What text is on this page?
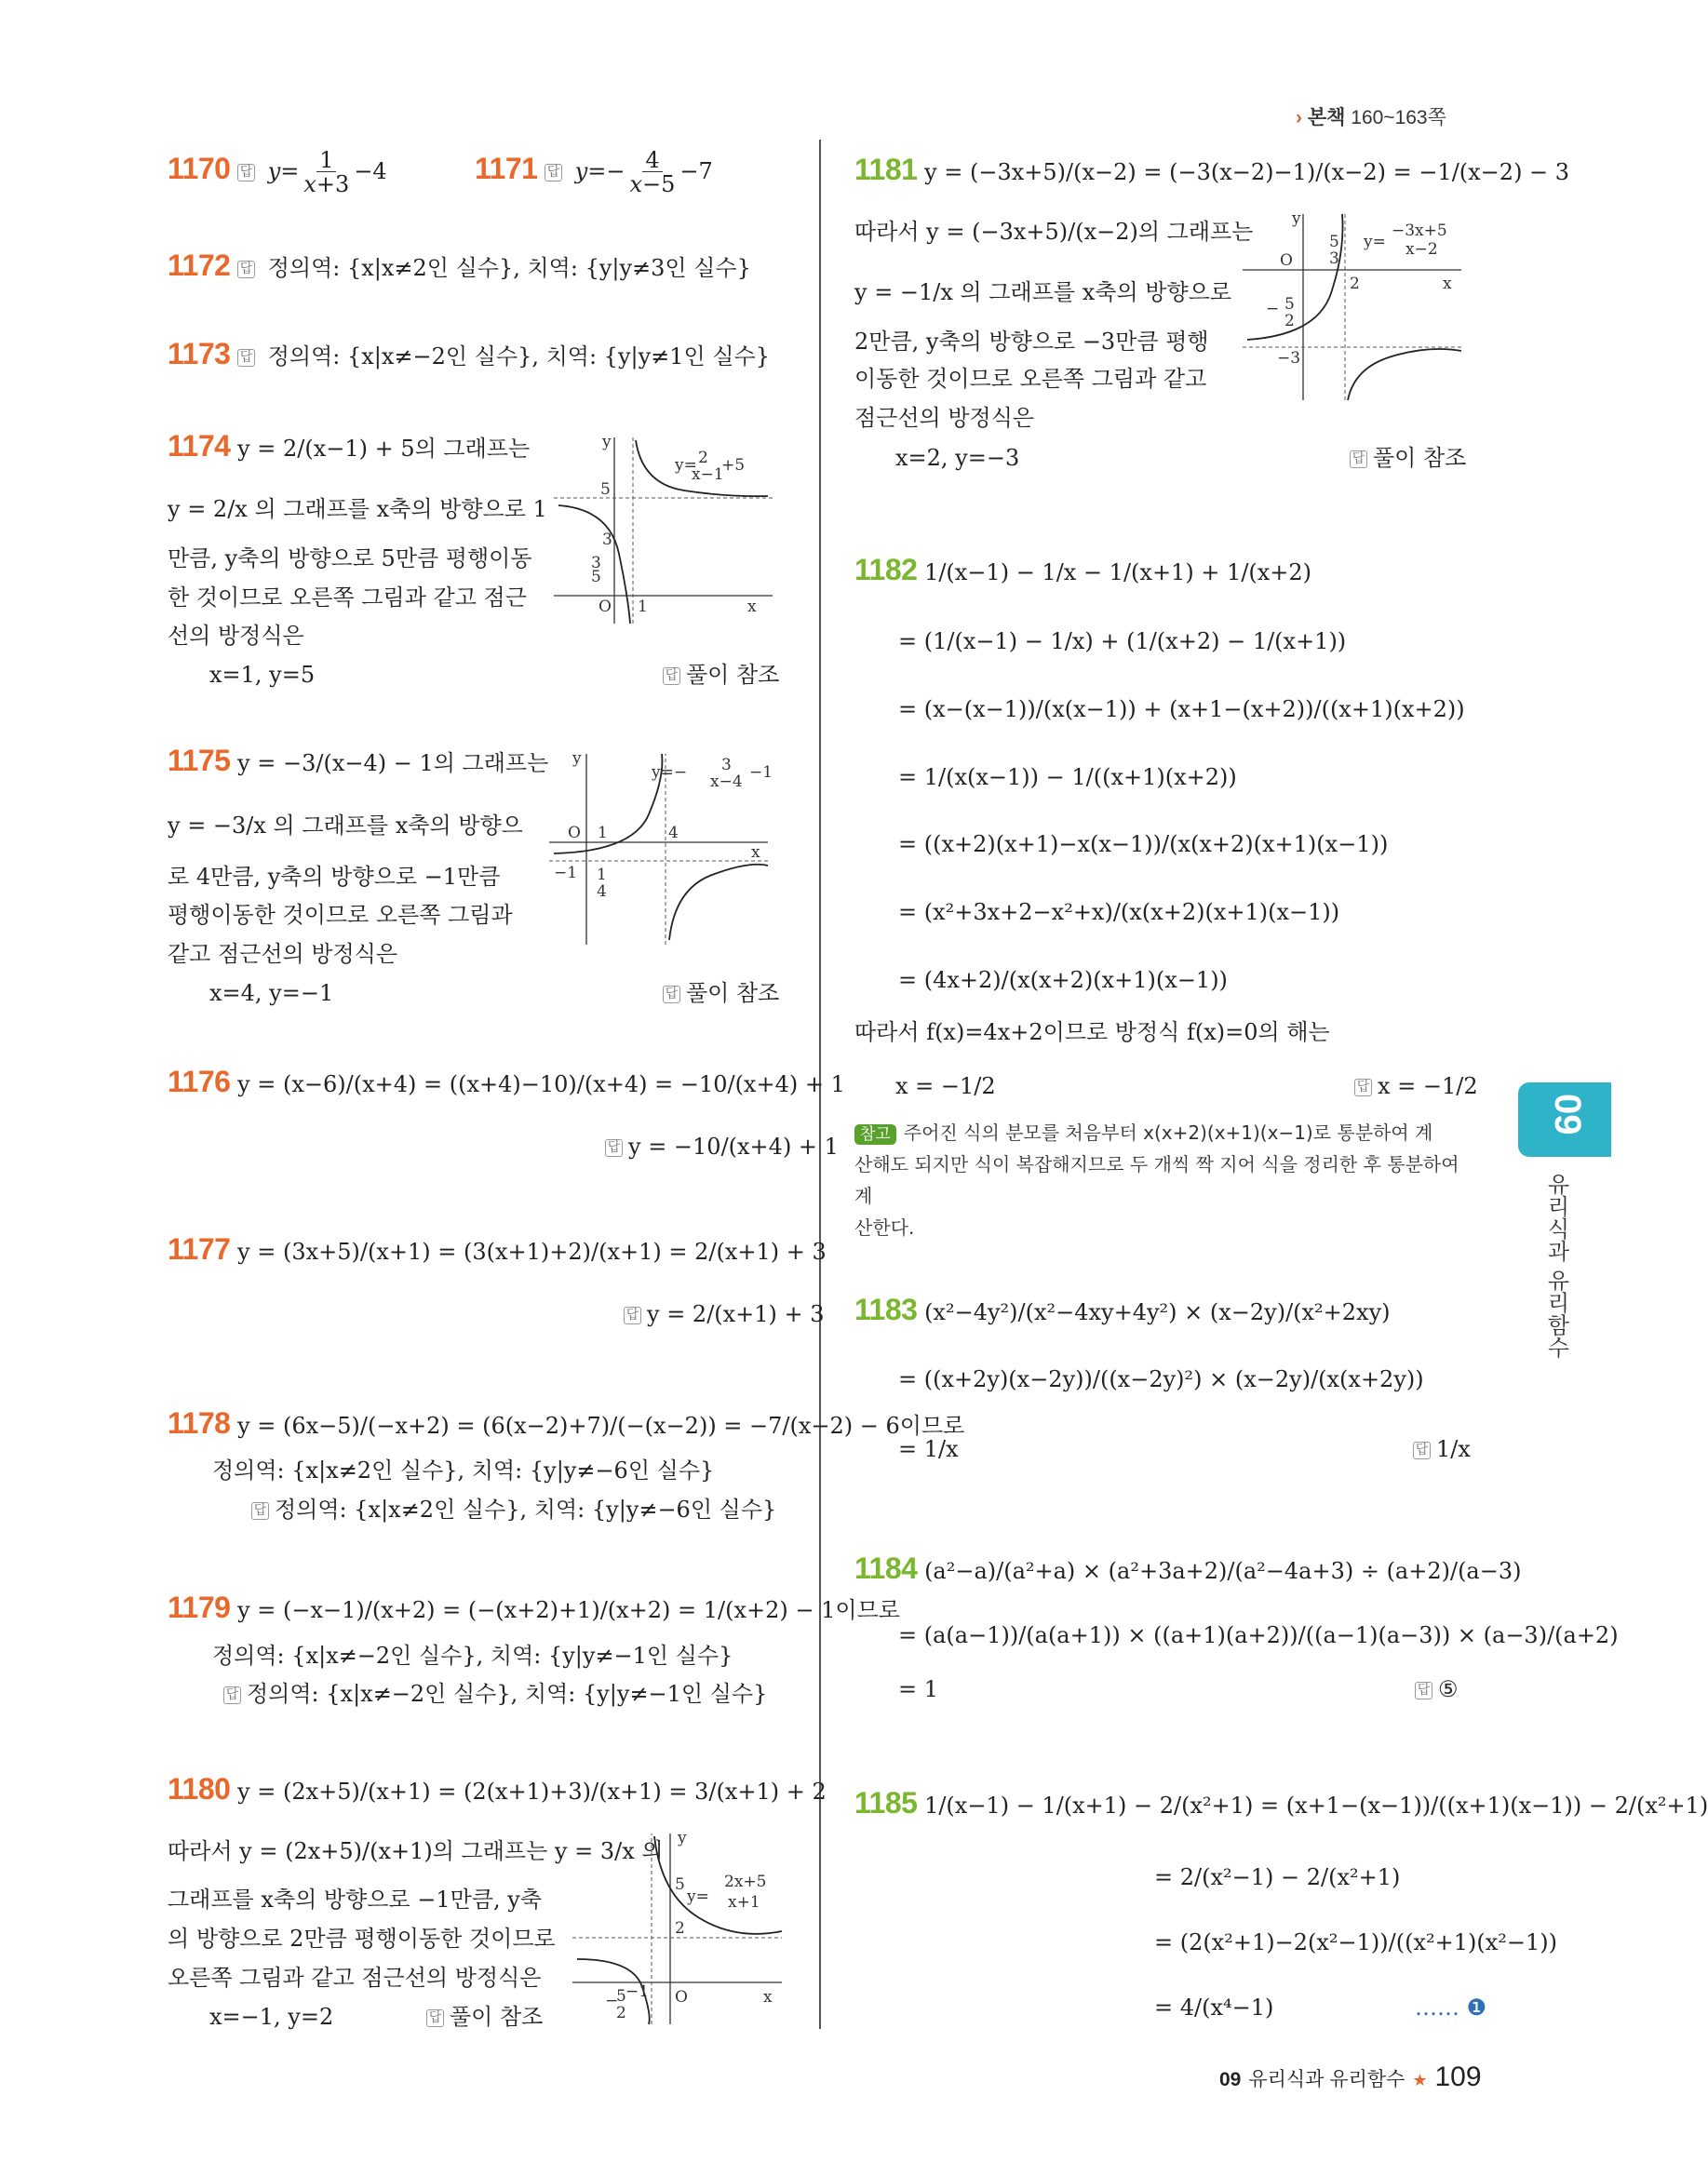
› 본책 160~163쪽
1170 답 $y= \frac{1}{x+3} -4$	1171 답 $y=- \frac{4}{x-5} -7$
1172 답 정의역: {x|x≠2인 실수}, 치역: {y|y≠3인 실수}
1173 답 정의역: {x|x≠−2인 실수}, 치역: {y|y≠1인 실수}
1174 y = 2/(x−1) + 5의 그래프는
y = 2/x 의 그래프를 x축의 방향으로 1
만큼, y축의 방향으로 5만큼 평행이동
한 것이므로 오른쪽 그림과 같고 점근
선의 방정식은
x=1, y=5	답 풀이 참조
y
5
3
3
5
O 1	x
y= 2
x−1
+5
1175 y = −3/(x−4) − 1의 그래프는
y = −3/x 의 그래프를 x축의 방향으
로 4만큼, y축의 방향으로 −1만큼
평행이동한 것이므로 오른쪽 그림과
같고 점근선의 방정식은
x=4, y=−1	답 풀이 참조
y
O 1	4
−1 1
4
x
y=− 3
x−4 −1
1176 y = (x−6)/(x+4) = ((x+4)−10)/(x+4) = −10/(x+4) + 1
답 y = −10/(x+4) + 1
1177 y = (3x+5)/(x+1) = (3(x+1)+2)/(x+1) = 2/(x+1) + 3
답 y = 2/(x+1) + 3
1178 y = (6x−5)/(−x+2) = (6(x−2)+7)/(−(x−2)) = −7/(x−2) − 6이므로
정의역: {x|x≠2인 실수}, 치역: {y|y≠−6인 실수}
답 정의역: {x|x≠2인 실수}, 치역: {y|y≠−6인 실수}
1179 y = (−x−1)/(x+2) = (−(x+2)+1)/(x+2) = 1/(x+2) − 1이므로
정의역: {x|x≠−2인 실수}, 치역: {y|y≠−1인 실수}
답 정의역: {x|x≠−2인 실수}, 치역: {y|y≠−1인 실수}
1180 y = (2x+5)/(x+1) = (2(x+1)+3)/(x+1) = 3/(x+1) + 2
따라서 y = (2x+5)/(x+1)의 그래프는 y = 3/x 의
그래프를 x축의 방향으로 −1만큼, y축
의 방향으로 2만큼 평행이동한 것이므로
오른쪽 그림과 같고 점근선의 방정식은
x=−1, y=2	답 풀이 참조
y
5
2
−1 O	x
−
5
2
y=
2x+5
x+1
1181 y = (−3x+5)/(x−2) = (−3(x−2)−1)/(x−2) = −1/(x−2) − 3
따라서 y = (−3x+5)/(x−2)의 그래프는
y = −1/x 의 그래프를 x축의 방향으로
2만큼, y축의 방향으로 −3만큼 평행
이동한 것이므로 오른쪽 그림과 같고
점근선의 방정식은
x=2, y=−3	답 풀이 참조
y
O
5
3
2	x
− 5
2
−3
y=
−3x+5
x−2
1182 1/(x−1) − 1/x − 1/(x+1) + 1/(x+2)
= (1/(x−1) − 1/x) + (1/(x+2) − 1/(x+1))
= (x−(x−1))/(x(x−1)) + (x+1−(x+2))/((x+1)(x+2))
= 1/(x(x−1)) − 1/((x+1)(x+2))
= ((x+2)(x+1)−x(x−1))/(x(x+2)(x+1)(x−1))
= (x²+3x+2−x²+x)/(x(x+2)(x+1)(x−1))
= (4x+2)/(x(x+2)(x+1)(x−1))
따라서 f(x)=4x+2이므로 방정식 f(x)=0의 해는
x = −1/2	답 x = −1/2
참고 주어진 식의 분모를 처음부터 x(x+2)(x+1)(x−1)로 통분하여 계
산해도 되지만 식이 복잡해지므로 두 개씩 짝 지어 식을 정리한 후 통분하여 계
산한다.
1183 (x²−4y²)/(x²−4xy+4y²) × (x−2y)/(x²+2xy)
= ((x+2y)(x−2y))/((x−2y)²) × (x−2y)/(x(x+2y))
= 1/x	답 1/x
1184 (a²−a)/(a²+a) × (a²+3a+2)/(a²−4a+3) ÷ (a+2)/(a−3)
= (a(a−1))/(a(a+1)) × ((a+1)(a+2))/((a−1)(a−3)) × (a−3)/(a+2)
= 1	답 ⑤
1185 1/(x−1) − 1/(x+1) − 2/(x²+1) = (x+1−(x−1))/((x+1)(x−1)) − 2/(x²+1)
= 2/(x²−1) − 2/(x²+1)
= (2(x²+1)−2(x²−1))/((x²+1)(x²−1))
= 4/(x⁴−1)	…… ❶
09
유리식과 유리함수
09 유리식과 유리함수 ★ 109
